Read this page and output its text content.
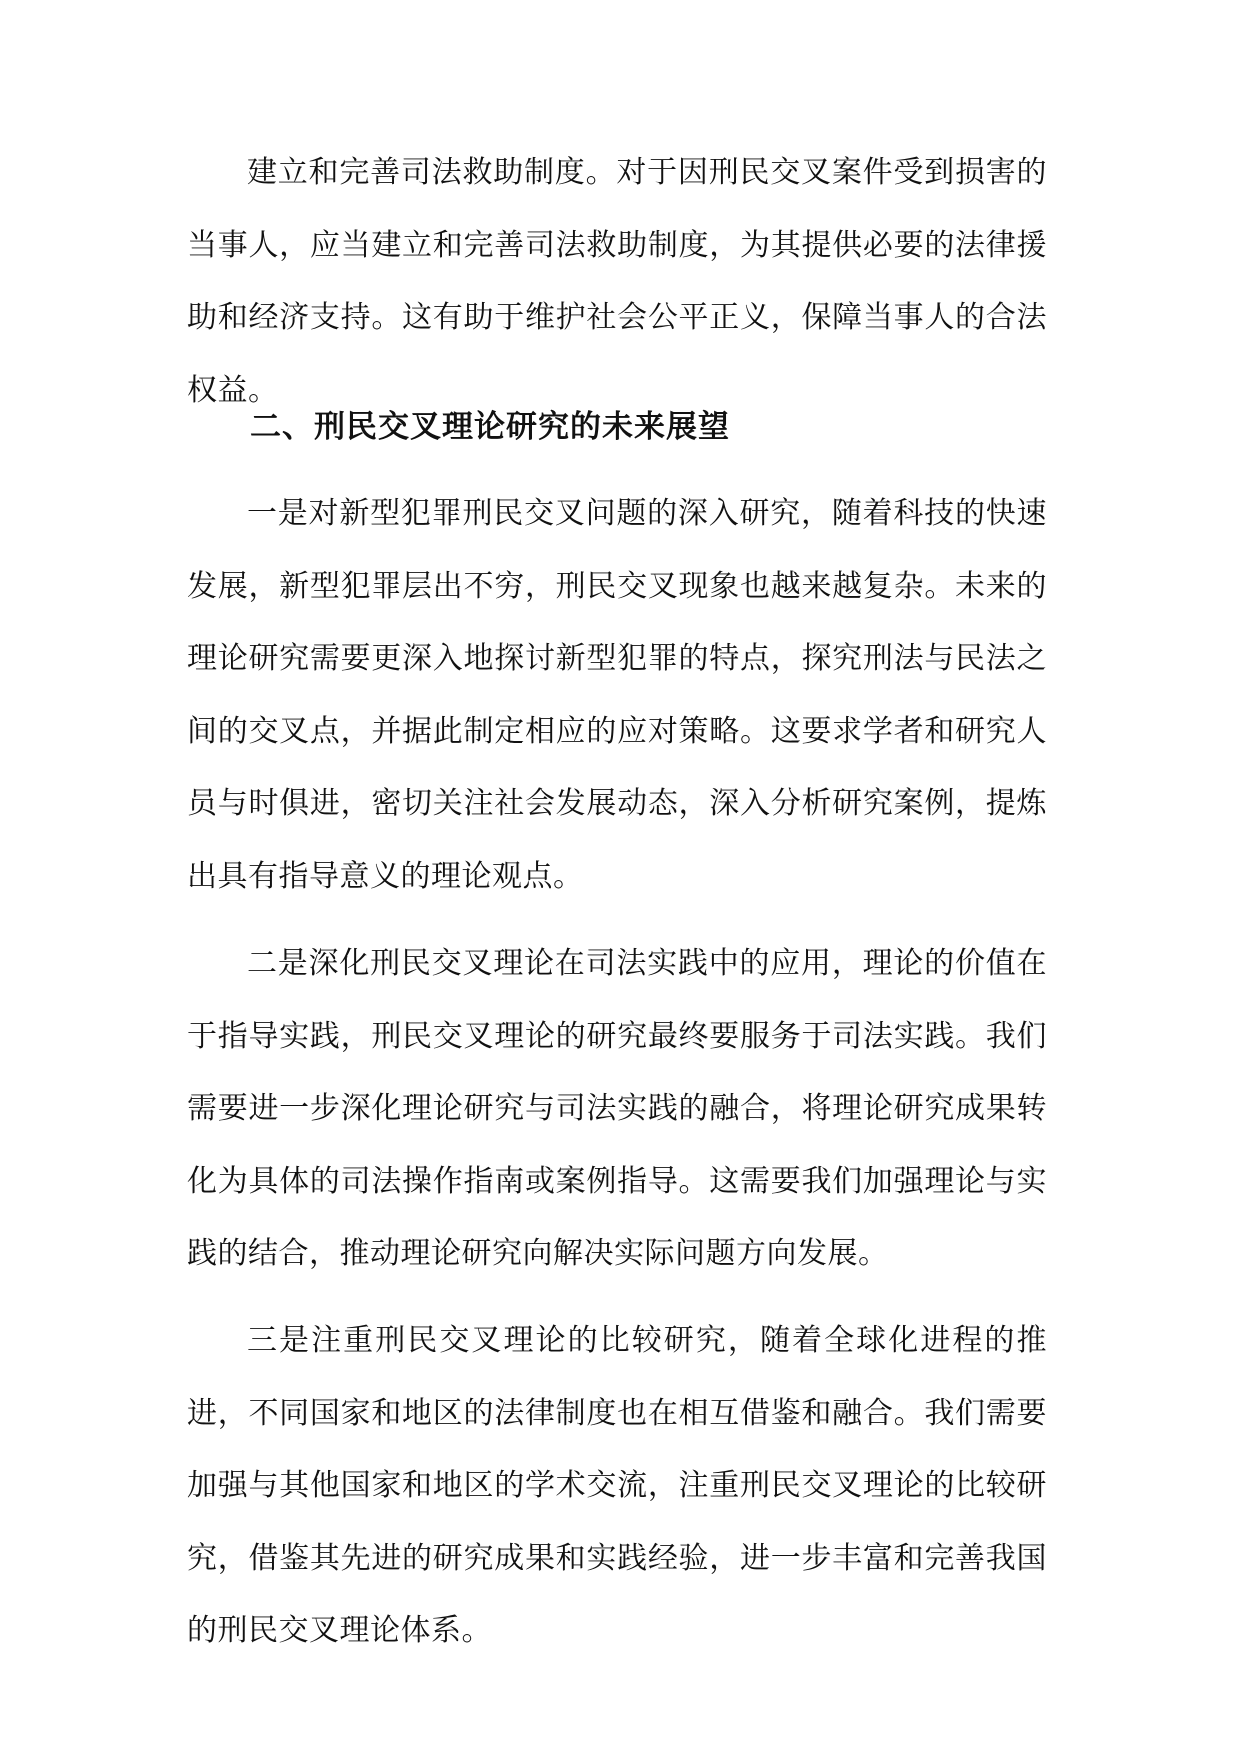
建立和完善司法救助制度。对于因刑民交叉案件受到损害的当事人，应当建立和完善司法救助制度，为其提供必要的法律援助和经济支持。这有助于维护社会公平正义，保障当事人的合法权益。

二、刑民交叉理论研究的未来展望

一是对新型犯罪刑民交叉问题的深入研究，随着科技的快速发展，新型犯罪层出不穷，刑民交叉现象也越来越复杂。未来的理论研究需要更深入地探讨新型犯罪的特点，探究刑法与民法之间的交叉点，并据此制定相应的应对策略。这要求学者和研究人员与时俱进，密切关注社会发展动态，深入分析研究案例，提炼出具有指导意义的理论观点。

二是深化刑民交叉理论在司法实践中的应用，理论的价值在于指导实践，刑民交叉理论的研究最终要服务于司法实践。我们需要进一步深化理论研究与司法实践的融合，将理论研究成果转化为具体的司法操作指南或案例指导。这需要我们加强理论与实践的结合，推动理论研究向解决实际问题方向发展。

三是注重刑民交叉理论的比较研究，随着全球化进程的推进，不同国家和地区的法律制度也在相互借鉴和融合。我们需要加强与其他国家和地区的学术交流，注重刑民交叉理论的比较研究，借鉴其先进的研究成果和实践经验，进一步丰富和完善我国的刑民交叉理论体系。
